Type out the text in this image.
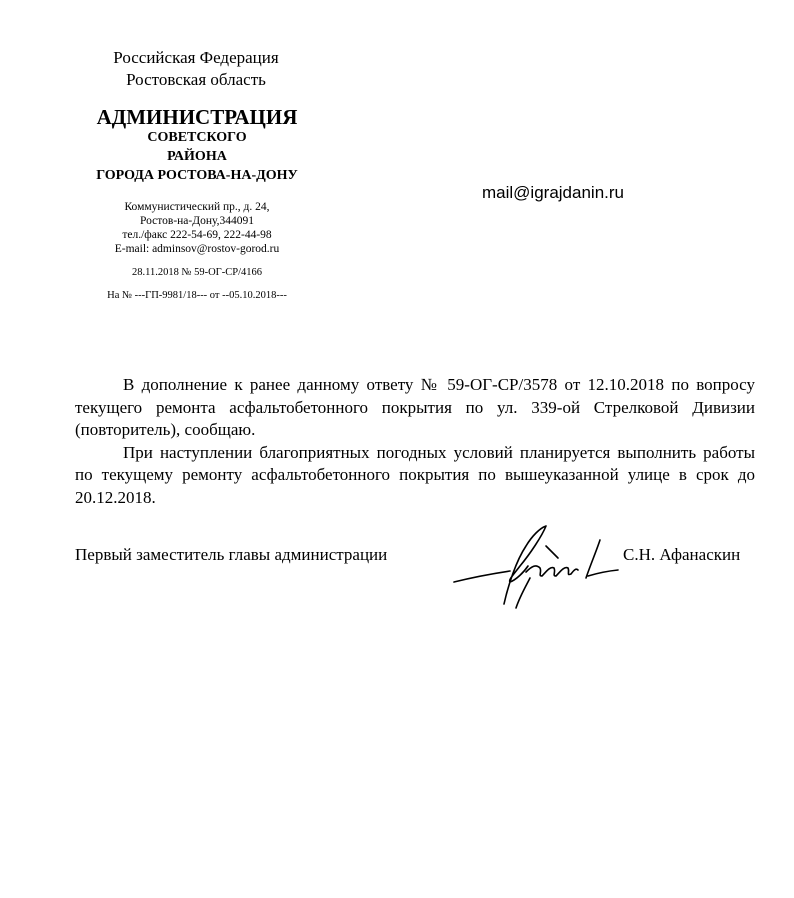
Российская Федерация
Ростовская область
АДМИНИСТРАЦИЯ
СОВЕТСКОГО
РАЙОНА
ГОРОДА РОСТОВА-НА-ДОНУ
Коммунистический пр., д. 24,
Ростов-на-Дону,344091
тел./факс 222-54-69, 222-44-98
E-mail: adminsov@rostov-gorod.ru
28.11.2018 № 59-ОГ-СР/4166
На № ---ГП-9981/18--- от --05.10.2018---
mail@igrajdanin.ru

В дополнение к ранее данному ответу № 59-ОГ-СР/3578 от 12.10.2018 по вопросу текущего ремонта асфальтобетонного покрытия по ул. 339-ой Стрелковой Дивизии (повторитель), сообщаю.

При наступлении благоприятных погодных условий планируется выполнить работы по текущему ремонту асфальтобетонного покрытия по вышеуказанной улице в срок до 20.12.2018.

Первый заместитель главы администрации	С.Н. Афанаскин
